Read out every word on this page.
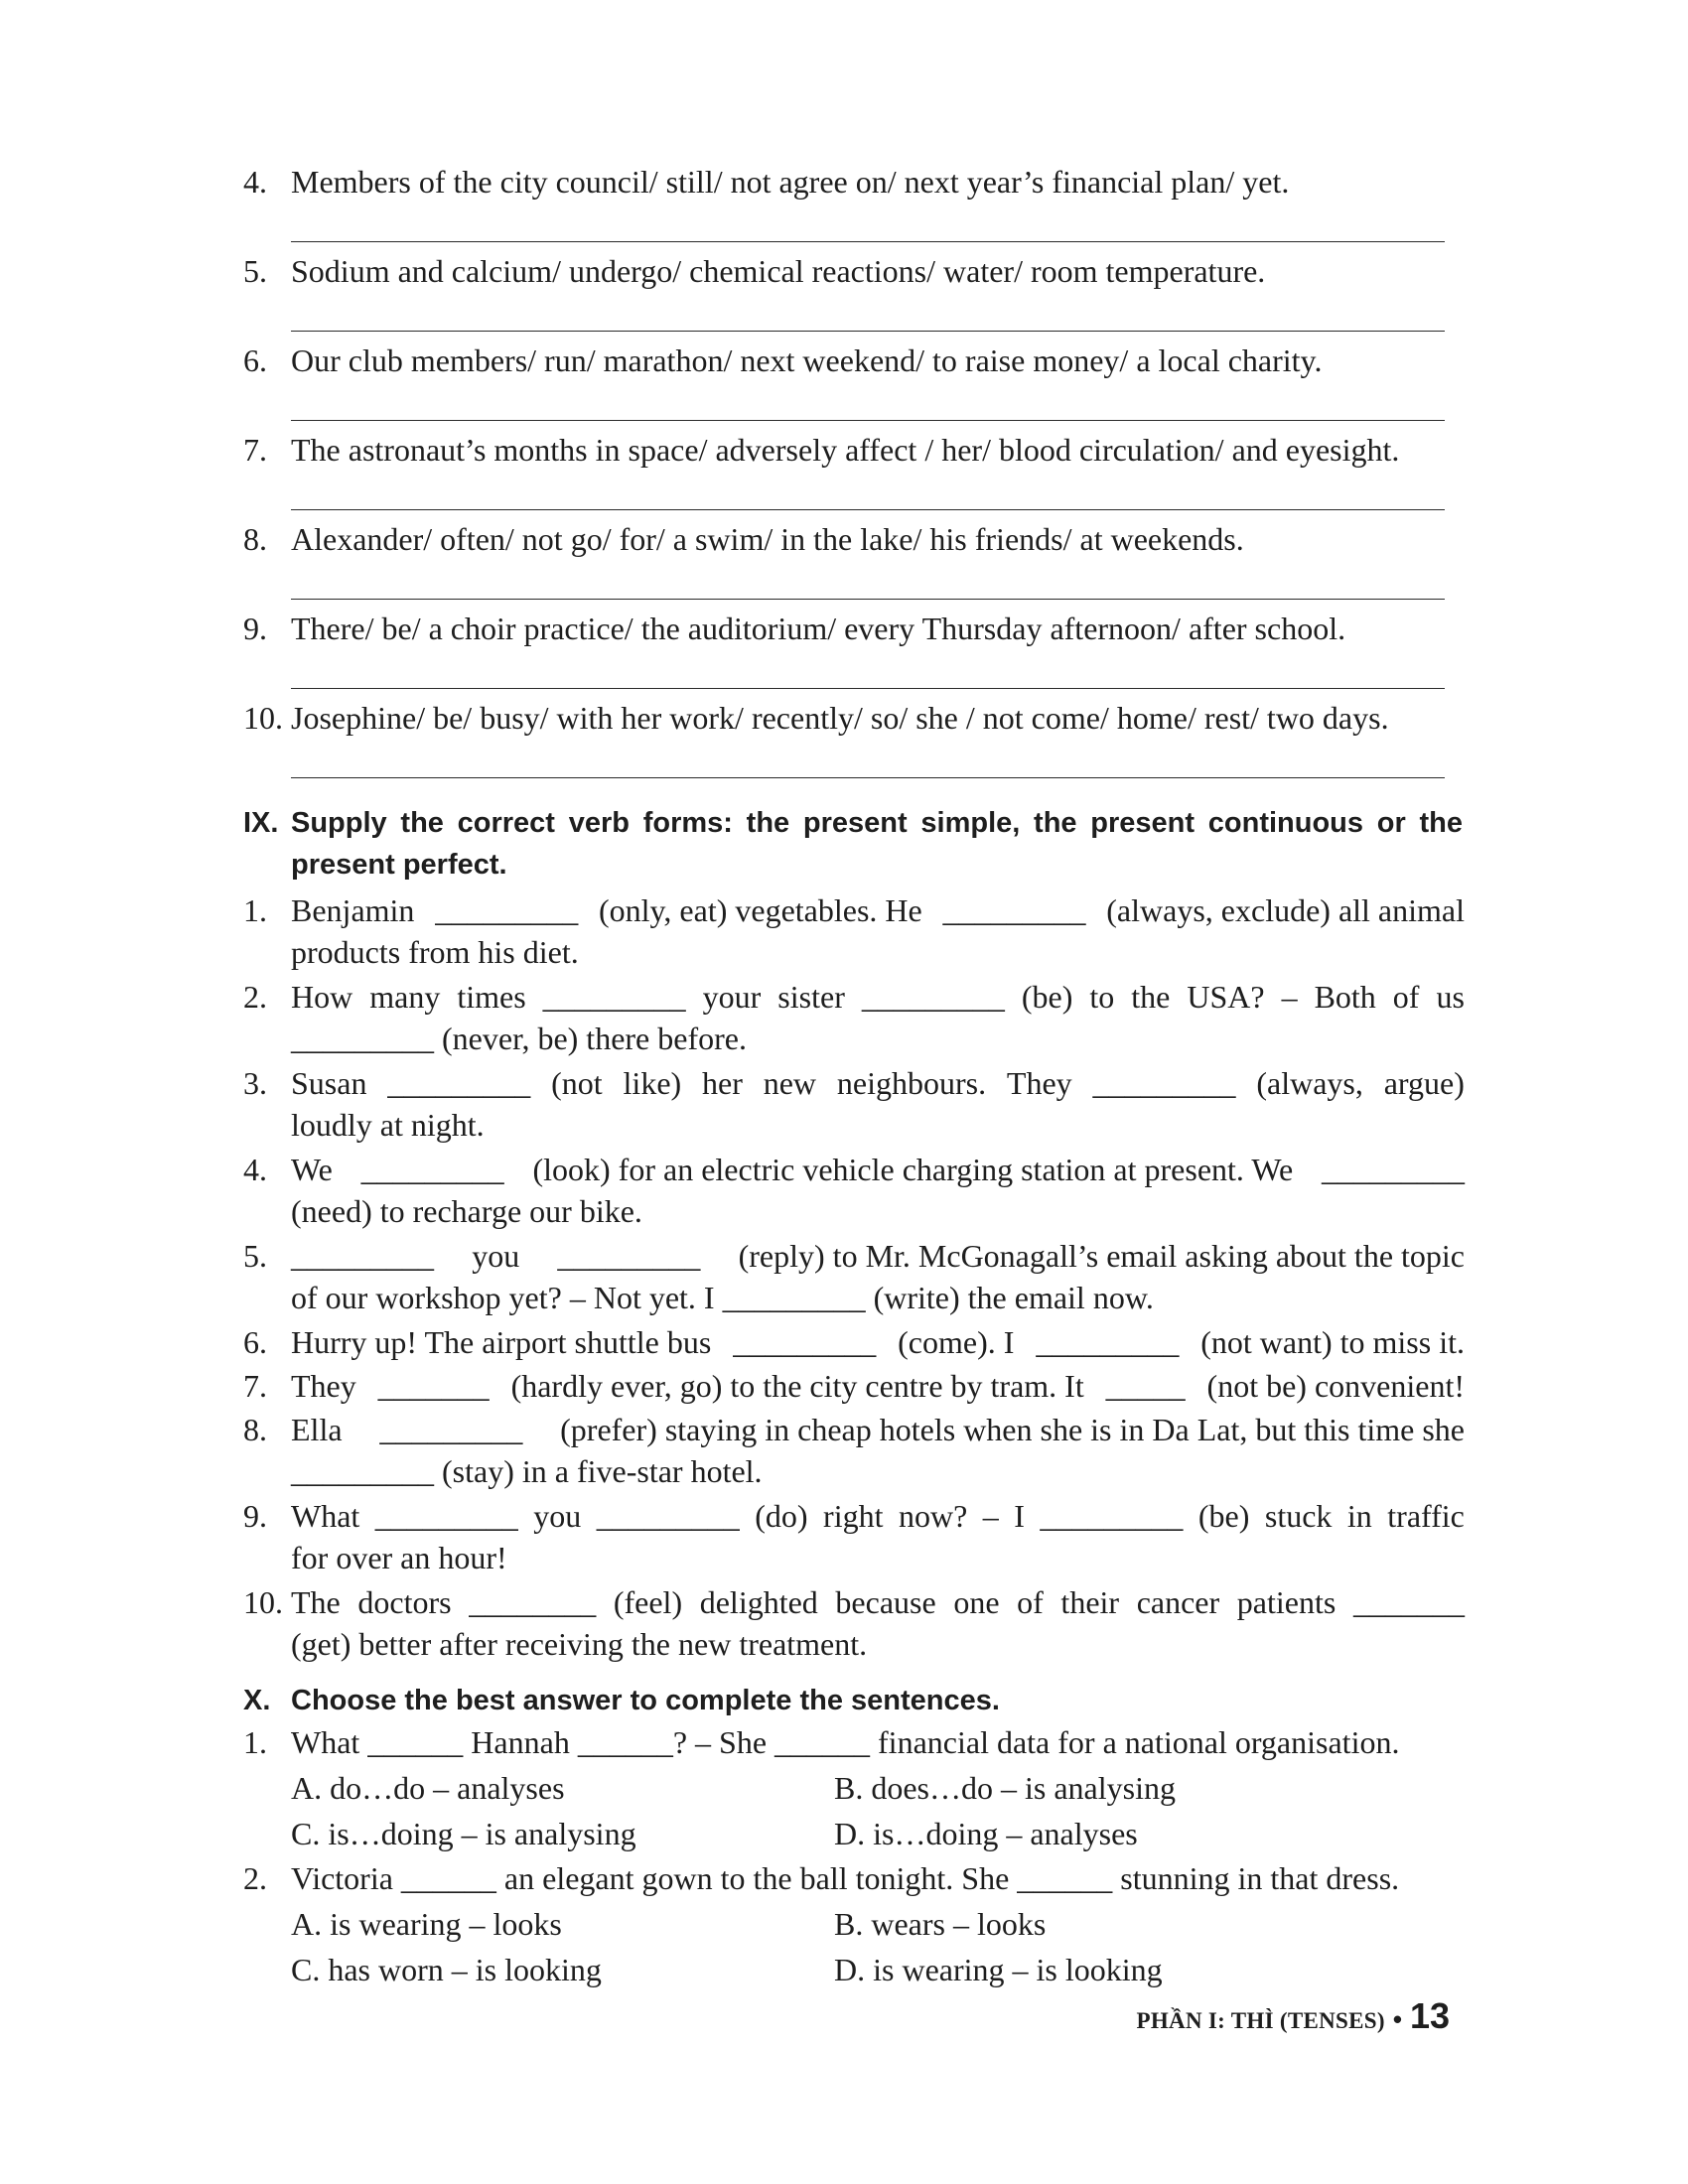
4. Members of the city council/ still/ not agree on/ next year’s financial plan/ yet.
5. Sodium and calcium/ undergo/ chemical reactions/ water/ room temperature.
6. Our club members/ run/ marathon/ next weekend/ to raise money/ a local charity.
7. The astronaut’s months in space/ adversely affect / her/ blood circulation/ and eyesight.
8. Alexander/ often/ not go/ for/ a swim/ in the lake/ his friends/ at weekends.
9. There/ be/ a choir practice/ the auditorium/ every Thursday afternoon/ after school.
10. Josephine/ be/ busy/ with her work/ recently/ so/ she / not come/ home/ rest/ two days.
IX. Supply the correct verb forms: the present simple, the present continuous or the present perfect.
1. Benjamin _________ (only, eat) vegetables. He _________ (always, exclude) all animal
products from his diet.
2. How many times _________ your sister _________ (be) to the USA? – Both of us
_________ (never, be) there before.
3. Susan _________ (not like) her new neighbours. They _________ (always, argue)
loudly at night.
4. We _________ (look) for an electric vehicle charging station at present. We _________
(need) to recharge our bike.
5. _________ you _________ (reply) to Mr. McGonagall’s email asking about the topic
of our workshop yet? – Not yet. I _________ (write) the email now.
6. Hurry up! The airport shuttle bus _________ (come). I _________ (not want) to miss it.
7. They _______ (hardly ever, go) to the city centre by tram. It _____ (not be) convenient!
8. Ella _________ (prefer) staying in cheap hotels when she is in Da Lat, but this time she
_________ (stay) in a five-star hotel.
9. What _________ you _________ (do) right now? – I _________ (be) stuck in traffic
for over an hour!
10. The doctors ________ (feel) delighted because one of their cancer patients _______
(get) better after receiving the new treatment.
X. Choose the best answer to complete the sentences.
1. What ______ Hannah ______? – She ______ financial data for a national organisation.
A. do…do – analyses	B. does…do – is analysing
C. is…doing – is analysing	D. is…doing – analyses
2. Victoria ______ an elegant gown to the ball tonight. She ______ stunning in that dress.
A. is wearing – looks	B. wears – looks
C. has worn – is looking	D. is wearing – is looking
PHẦN I: THÌ (TENSES) • 13
